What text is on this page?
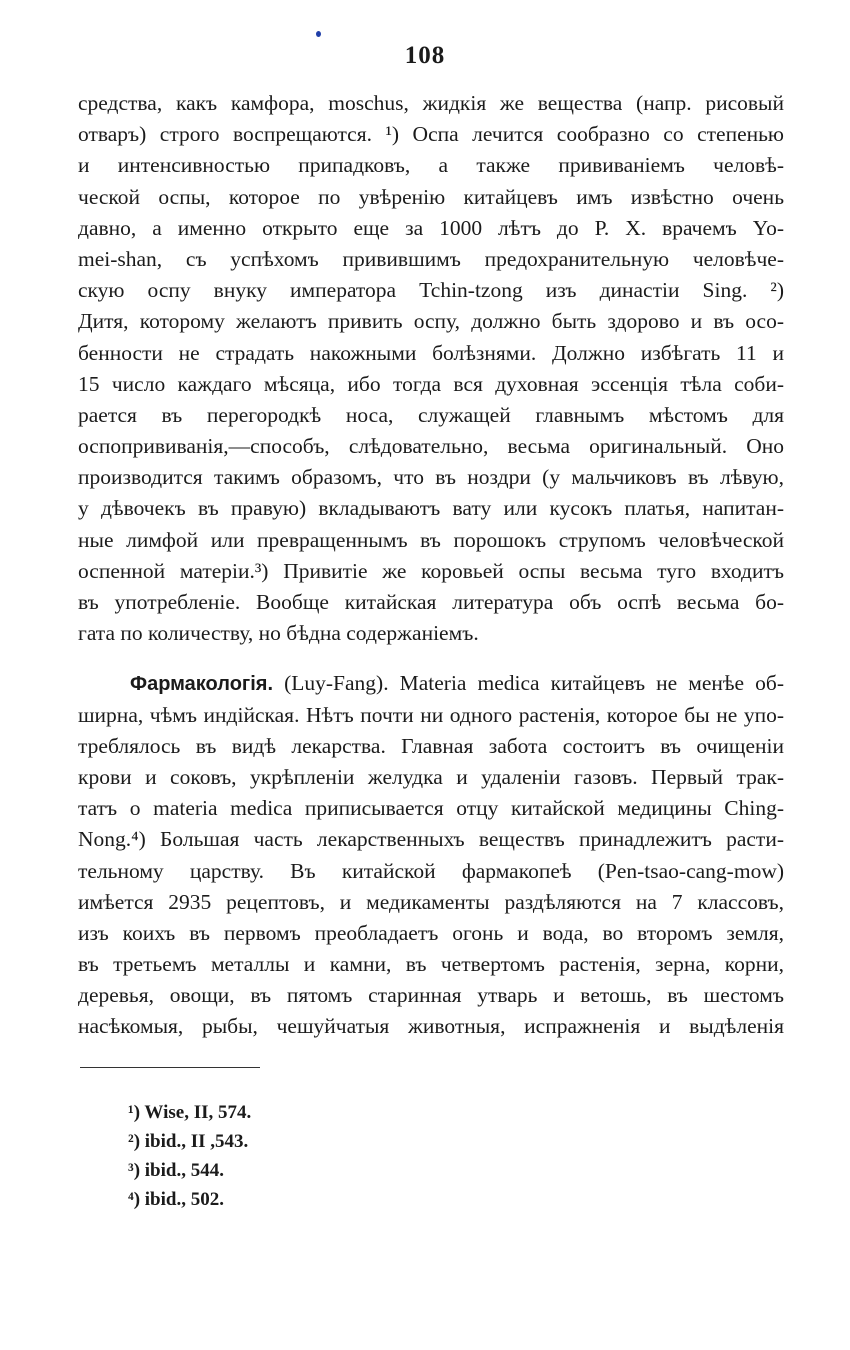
108
средства, какъ камфора, moschus, жидкія же вещества (напр. рисовый
отваръ) строго воспрещаются. ¹) Оспа лечится сообразно со степенью
и интенсивностью припадковъ, а также прививаніемъ человѣ-
ческой оспы, которое по увѣренію китайцевъ имъ извѣстно очень
давно, а именно открыто еще за 1000 лѣтъ до Р. Х. врачемъ Yo-
mei-shan, съ успѣхомъ привившимъ предохранительную человѣче-
скую оспу внуку императора Tchin-tzong изъ династіи Sing. ²)
Дитя, которому желаютъ привить оспу, должно быть здорово и въ осо-
бенности не страдать накожными болѣзнями. Должно избѣгать 11 и
15 число каждаго мѣсяца, ибо тогда вся духовная эссенція тѣла соби-
рается въ перегородкѣ носа, служащей главнымъ мѣстомъ для
оспопрививанія,—способъ, слѣдовательно, весьма оригинальный. Оно
производится такимъ образомъ, что въ ноздри (у мальчиковъ въ лѣвую,
у дѣвочекъ въ правую) вкладываютъ вату или кусокъ платья, напитан-
ные лимфой или превращеннымъ въ порошокъ струпомъ человѣческой
оспенной матеріи.³) Привитіе же коровьей оспы весьма туго входитъ
въ употребленіе. Вообще китайская литература объ оспѣ весьма бо-
гата по количеству, но бѣдна содержаніемъ.
Фармакологія. (Luy-Fang). Materia medica китайцевъ не менѣе об-
ширна, чѣмъ индійская. Нѣтъ почти ни одного растенія, которое бы не упо-
треблялось въ видѣ лекарства. Главная забота состоитъ въ очищеніи
крови и соковъ, укрѣпленіи желудка и удаленіи газовъ. Первый трак-
татъ о materia medica приписывается отцу китайской медицины Ching-
Nong.⁴) Большая часть лекарственныхъ веществъ принадлежитъ расти-
тельному царству. Въ китайской фармакопеѣ (Pen-tsao-cang-mow)
имѣется 2935 рецептовъ, и медикаменты раздѣляются на 7 классовъ,
изъ коихъ въ первомъ преобладаетъ огонь и вода, во второмъ земля,
въ третьемъ металлы и камни, въ четвертомъ растенія, зерна, корни,
деревья, овощи, въ пятомъ старинная утварь и ветошь, въ шестомъ
насѣкомыя, рыбы, чешуйчатыя животныя, испражненія и выдѣленія
¹) Wise, II, 574.
²) ibid., II ,543.
³) ibid., 544.
⁴) ibid., 502.
